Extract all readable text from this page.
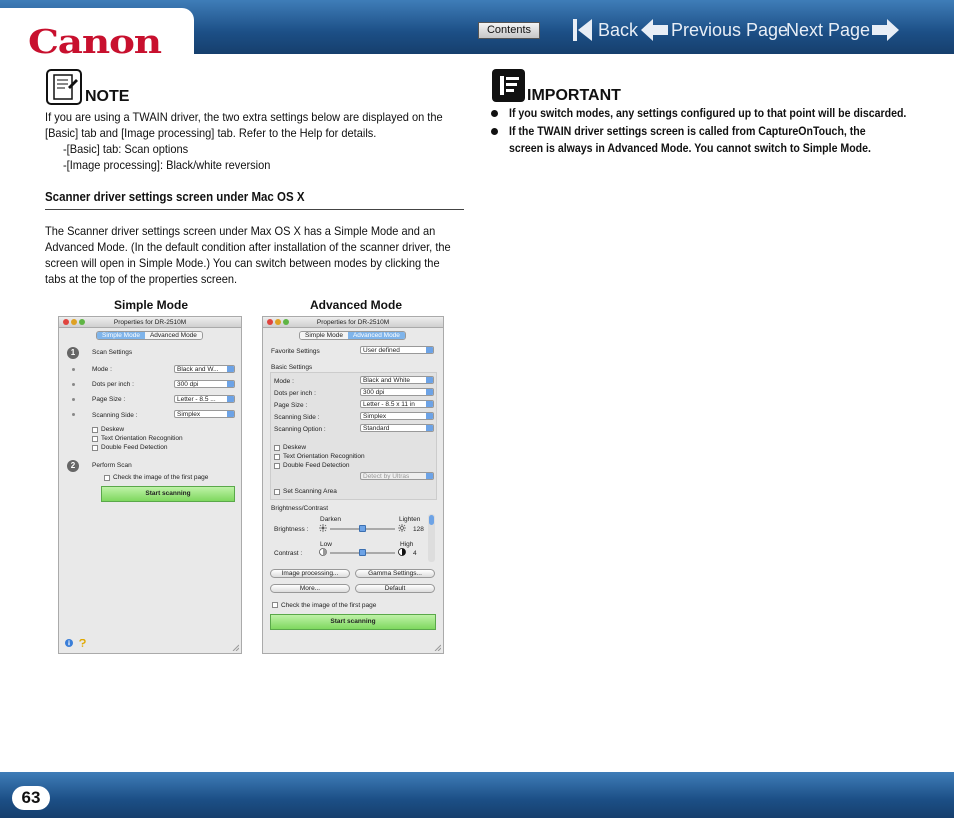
Canon	Contents	Back Previous Page
Next Page
NOTE
If you are using a TWAIN driver, the two extra settings below are displayed on the
[Basic] tab and [Image processing] tab. Refer to the Help for details.
-[Basic] tab: Scan options
-[Image processing]: Black/white reversion
IMPORTANT
If you switch modes, any settings configured up to that point will be discarded.
If the TWAIN driver settings screen is called from CaptureOnTouch, the
screen is always in Advanced Mode. You cannot switch to Simple Mode.
Scanner driver settings screen under Mac OS X
The Scanner driver settings screen under Max OS X has a Simple Mode and an
Advanced Mode. (In the default condition after installation of the scanner driver, the
screen will open in Simple Mode.) You can switch between modes by clicking the
tabs at the top of the properties screen.
Simple Mode	Advanced Mode
Properties for DR-2510M
Simple Mode	Advanced Mode
1	Scan Settings
Mode :	Black and W...
Dots per inch :	300 dpi
Page Size :	Letter - 8.5 ...
Scanning Side :	Simplex
Deskew
Text Orientation Recognition
Double Feed Detection
2	Perform Scan
Check the image of the first page
Start scanning
Properties for DR-2510M
Simple Mode	Advanced Mode
Favorite Settings	User defined
Basic Settings
Mode :	Black and White
Dots per inch :	300 dpi
Page Size :	Letter - 8.5 x 11 in
Scanning Side :	Simplex
Scanning Option :	Standard
Deskew
Text Orientation Recognition
Double Feed Detection
Detect by Ultras
Set Scanning Area
Brightness/Contrast
Darken	Lighten
Brightness :	128
Low	High
Contrast :	4
Image processing...	Gamma Settings...
More...	Default
Check the image of the first page
Start scanning
63
